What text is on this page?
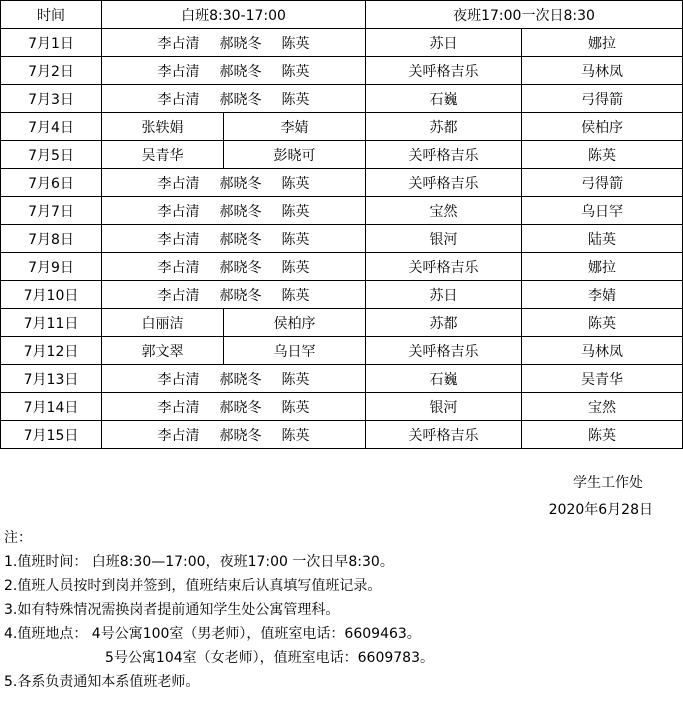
时间	白班8:30-17:00		夜班17:00一次日8:30	
7月1日	李占清 郝晓冬 陈英		苏日	娜拉
7月2日	李占清 郝晓冬 陈英		关呼格吉乐	马林凤
7月3日	李占清 郝晓冬 陈英		石巍	弓得箭
7月4日	张轶娟	李婧	苏都	侯柏序
7月5日	吴青华	彭晓可	关呼格吉乐	陈英
7月6日	李占清 郝晓冬 陈英		关呼格吉乐	弓得箭
7月7日	李占清 郝晓冬 陈英		宝然	乌日罕
7月8日	李占清 郝晓冬 陈英		银河	陆英
7月9日	李占清 郝晓冬 陈英		关呼格吉乐	娜拉
7月10日	李占清 郝晓冬 陈英		苏日	李婧
7月11日	白丽洁	侯柏序	苏都	陈英
7月12日	郭文翠	乌日罕	关呼格吉乐	马林凤
7月13日	李占清 郝晓冬 陈英		石巍	吴青华
7月14日	李占清 郝晓冬 陈英		银河	宝然
7月15日	李占清 郝晓冬 陈英		关呼格吉乐	陈英
学生工作处
2020年6月28日
注：
1.值班时间： 白班8:30—17:00，夜班17:00 一次日早8:30。
2.值班人员按时到岗并签到，值班结束后认真填写值班记录。
3.如有特殊情况需换岗者提前通知学生处公寓管理科。
4.值班地点： 4号公寓100室（男老师），值班室电话：6609463。
5号公寓104室（女老师），值班室电话：6609783。
5.各系负责通知本系值班老师。
